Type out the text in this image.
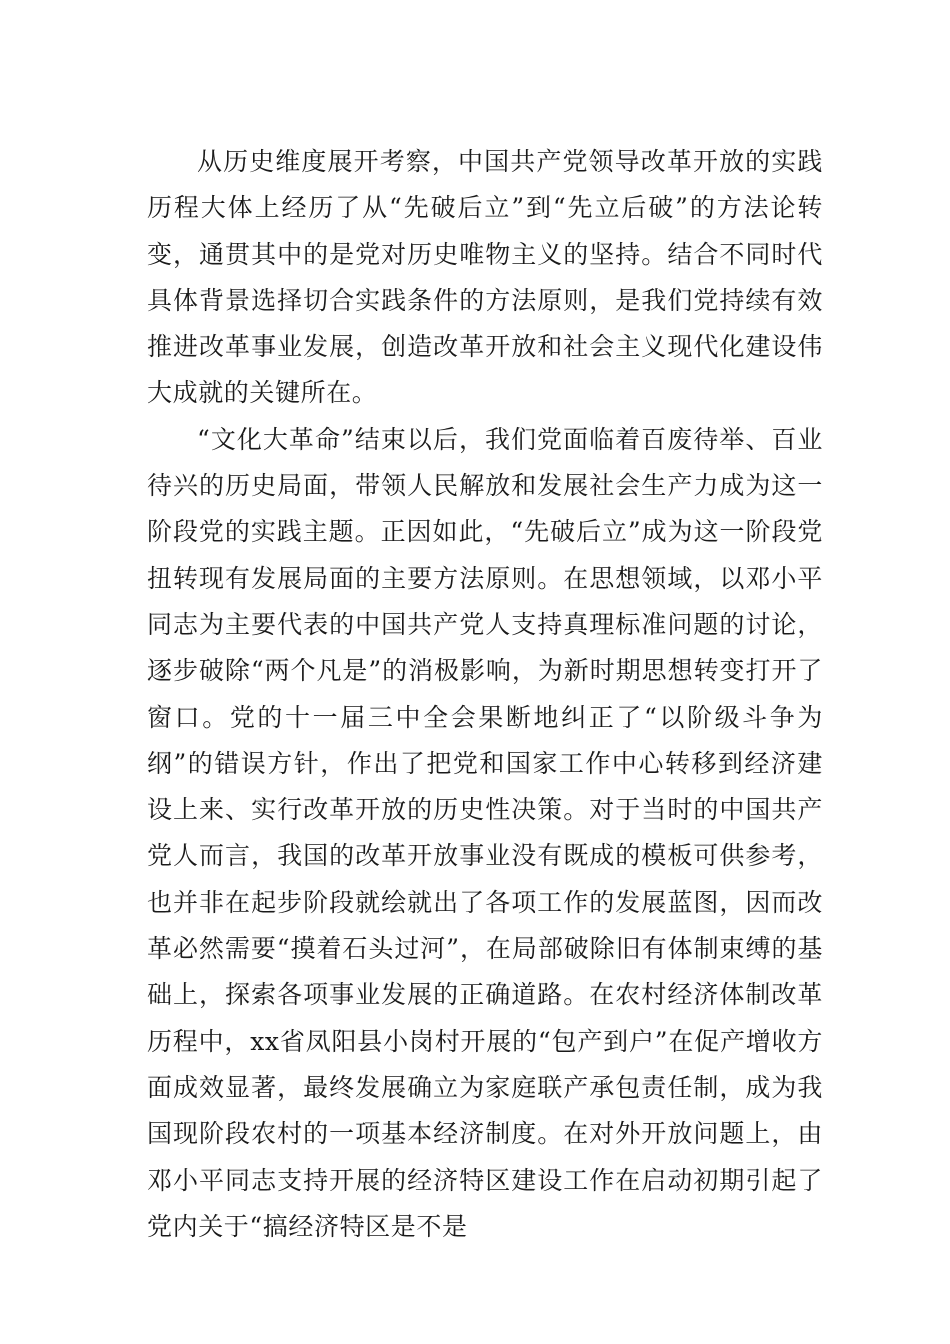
从历史维度展开考察，中国共产党领导改革开放的实践历程大体上经历了从“先破后立”到“先立后破”的方法论转变，通贯其中的是党对历史唯物主义的坚持。结合不同时代具体背景选择切合实践条件的方法原则，是我们党持续有效推进改革事业发展，创造改革开放和社会主义现代化建设伟大成就的关键所在。

“文化大革命”结束以后，我们党面临着百废待举、百业待兴的历史局面，带领人民解放和发展社会生产力成为这一阶段党的实践主题。正因如此，“先破后立”成为这一阶段党扭转现有发展局面的主要方法原则。在思想领域，以邓小平同志为主要代表的中国共产党人支持真理标准问题的讨论，逐步破除“两个凡是”的消极影响，为新时期思想转变打开了窗口。党的十一届三中全会果断地纠正了“以阶级斗争为纲”的错误方针，作出了把党和国家工作中心转移到经济建设上来、实行改革开放的历史性决策。对于当时的中国共产党人而言，我国的改革开放事业没有既成的模板可供参考，也并非在起步阶段就绘就出了各项工作的发展蓝图，因而改革必然需要“摸着石头过河”，在局部破除旧有体制束缚的基础上，探索各项事业发展的正确道路。在农村经济体制改革历程中，xx省凤阳县小岗村开展的“包产到户”在促产增收方面成效显著，最终发展确立为家庭联产承包责任制，成为我国现阶段农村的一项基本经济制度。在对外开放问题上，由邓小平同志支持开展的经济特区建设工作在启动初期引起了党内关于“搞经济特区是不是
